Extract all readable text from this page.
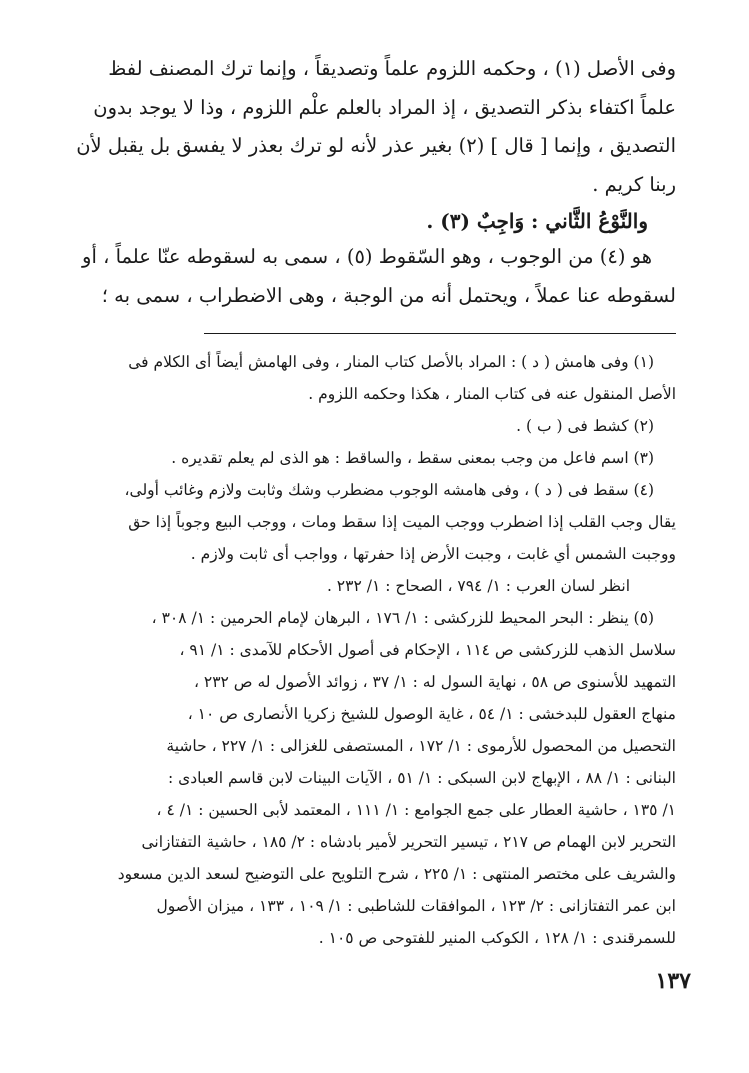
وفى الأصل (١) ، وحكمه اللزوم علماً وتصديقاً ، وإنما ترك المصنف لفظ
علماً اكتفاء بذكر التصديق ، إذ المراد بالعلم علْم اللزوم ، وذا لا يوجد بدون
التصديق ، وإنما [ قال ] (٢) بغير عذر لأنه لو ترك بعذر لا يفسق بل يقبل لأن
ربنا كريم .

والنَّوْعُ الثَّاني : وَاجِبٌ (٣) .

هو (٤) من الوجوب ، وهو السّقوط (٥) ، سمى به لسقوطه عنّا علماً ، أو
لسقوطه عنا عملاً ، ويحتمل أنه من الوجبة ، وهى الاضطراب ، سمى به ؛

(١) وفى هامش ( د ) : المراد بالأصل كتاب المنار ، وفى الهامش أيضاً أى الكلام فى
الأصل المنقول عنه فى كتاب المنار ، هكذا وحكمه اللزوم .
(٢) كشط فى ( ب ) .
(٣) اسم فاعل من وجب بمعنى سقط ، والساقط : هو الذى لم يعلم تقديره .
(٤) سقط فى ( د ) ، وفى هامشه الوجوب مضطرب وشك وثابت ولازم وغائب أولى،
يقال وجب القلب إذا اضطرب ووجب الميت إذا سقط ومات ، ووجب البيع وجوباً إذا حق
ووجبت الشمس أي غابت ، وجبت الأرض إذا حفرتها ، وواجب أى ثابت ولازم .
انظر لسان العرب : ١/ ٧٩٤ ، الصحاح : ١/ ٢٣٢ .
(٥) ينظر : البحر المحيط للزركشى : ١/ ١٧٦ ، البرهان لإمام الحرمين : ١/ ٣٠٨ ،
سلاسل الذهب للزركشى ص ١١٤ ، الإحكام فى أصول الأحكام للآمدى : ١/ ٩١ ،
التمهيد للأسنوى ص ٥٨ ، نهاية السول له : ١/ ٣٧ ، زوائد الأصول له ص ٢٣٢ ،
منهاج العقول للبدخشى : ١/ ٥٤ ، غاية الوصول للشيخ زكريا الأنصارى ص ١٠ ،
التحصيل من المحصول للأرموى : ١/ ١٧٢ ، المستصفى للغزالى : ١/ ٢٢٧ ، حاشية
البنانى : ١/ ٨٨ ، الإبهاج لابن السبكى : ١/ ٥١ ، الآيات البينات لابن قاسم العبادى :
١/ ١٣٥ ، حاشية العطار على جمع الجوامع : ١/ ١١١ ، المعتمد لأبى الحسين : ١/ ٤ ،
التحرير لابن الهمام ص ٢١٧ ، تيسير التحرير لأمير بادشاه : ٢/ ١٨٥ ، حاشية التفتازانى
والشريف على مختصر المنتهى : ١/ ٢٢٥ ، شرح التلويح على التوضيح لسعد الدين مسعود
ابن عمر التفتازانى : ٢/ ١٢٣ ، الموافقات للشاطبى : ١/ ١٠٩ ، ١٣٣ ، ميزان الأصول
للسمرقندى : ١/ ١٢٨ ، الكوكب المنير للفتوحى ص ١٠٥ .
١٣٧
